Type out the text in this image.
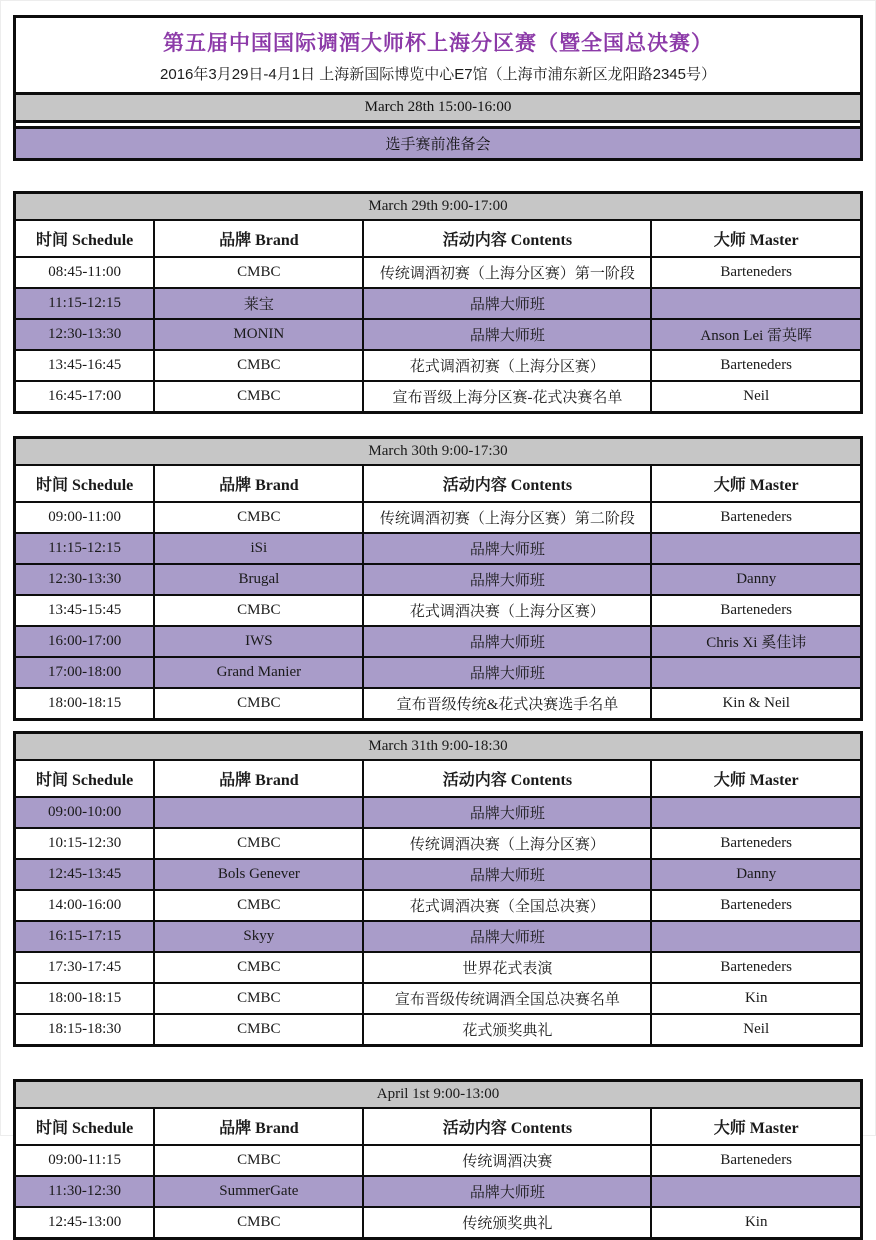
第五届中国国际调酒大师杯上海分区赛（暨全国总决赛）
2016年3月29日-4月1日 上海新国际博览中心E7馆（上海市浦东新区龙阳路2345号）
March 28th 15:00-16:00
选手赛前准备会
March 29th 9:00-17:00			
时间 Schedule	品牌 Brand	活动内容 Contents	大师 Master
08:45-11:00	CMBC	传统调酒初赛（上海分区赛）第一阶段	Barteneders
11:15-12:15	莱宝	品牌大师班	
12:30-13:30	MONIN	品牌大师班	Anson Lei 雷英晖
13:45-16:45	CMBC	花式调酒初赛（上海分区赛）	Barteneders
16:45-17:00	CMBC	宣布晋级上海分区赛-花式决赛名单	Neil
March 30th 9:00-17:30			
时间 Schedule	品牌 Brand	活动内容 Contents	大师 Master
09:00-11:00	CMBC	传统调酒初赛（上海分区赛）第二阶段	Barteneders
11:15-12:15	iSi	品牌大师班	
12:30-13:30	Brugal	品牌大师班	Danny
13:45-15:45	CMBC	花式调酒决赛（上海分区赛）	Barteneders
16:00-17:00	IWS	品牌大师班	Chris Xi 奚佳讳
17:00-18:00	Grand Manier	品牌大师班	
18:00-18:15	CMBC	宣布晋级传统&花式决赛选手名单	Kin & Neil
March 31th 9:00-18:30			
时间 Schedule	品牌 Brand	活动内容 Contents	大师 Master
09:00-10:00		品牌大师班	
10:15-12:30	CMBC	传统调酒决赛（上海分区赛）	Barteneders
12:45-13:45	Bols Genever	品牌大师班	Danny
14:00-16:00	CMBC	花式调酒决赛（全国总决赛）	Barteneders
16:15-17:15	Skyy	品牌大师班	
17:30-17:45	CMBC	世界花式表演	Barteneders
18:00-18:15	CMBC	宣布晋级传统调酒全国总决赛名单	Kin
18:15-18:30	CMBC	花式颁奖典礼	Neil
April 1st 9:00-13:00			
时间 Schedule	品牌 Brand	活动内容 Contents	大师 Master
09:00-11:15	CMBC	传统调酒决赛	Barteneders
11:30-12:30	SummerGate	品牌大师班	
12:45-13:00	CMBC	传统颁奖典礼	Kin
